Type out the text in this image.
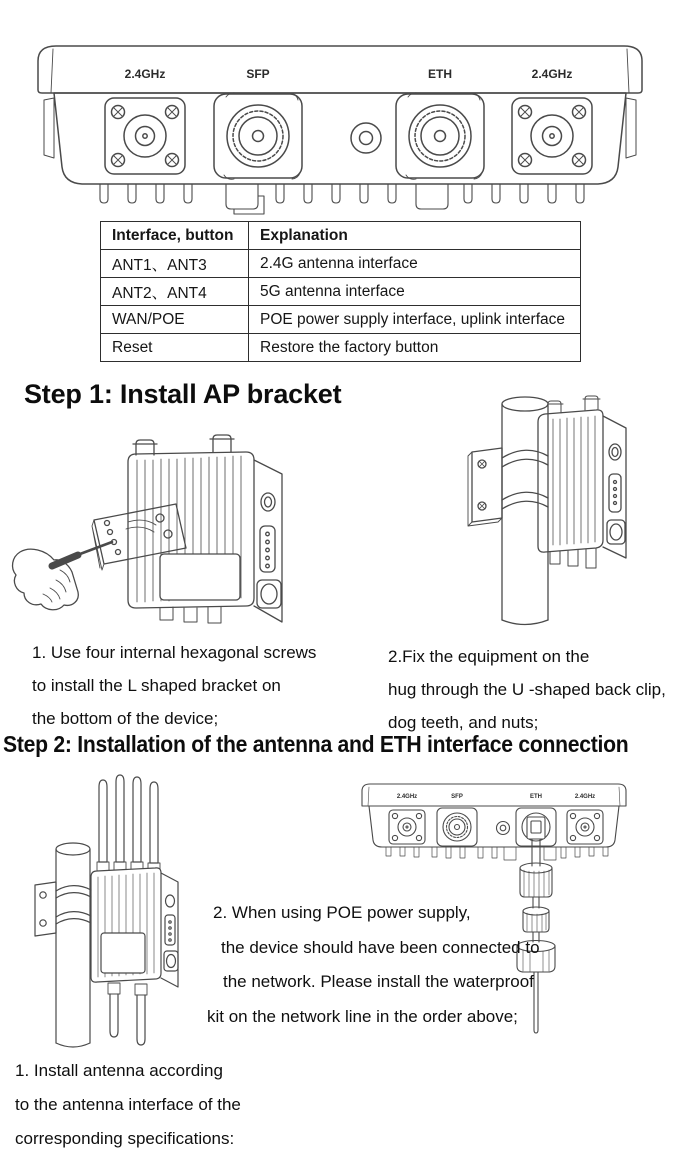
2.4GHz	SFP	ETH	2.4GHz
Interface, button	Explanation
ANT1、ANT3	2.4G antenna interface
ANT2、ANT4	5G antenna interface
WAN/POE	POE power supply interface, uplink interface
Reset	Restore the factory button
Step 1: Install AP bracket
1. Use four internal hexagonal screws
to install the L shaped bracket on
the bottom of the device;
2.Fix the equipment on the
hug through the U -shaped back clip,
dog teeth, and nuts;
Step 2: Installation of the antenna and ETH interface connection
2.4GHz	SFP	ETH	2.4GHz
2. When using POE power supply,
the device should have been connected to
the network. Please install the waterproof
kit on the network line in the order above;
1. Install antenna according
to the antenna interface of the
corresponding specifications:
